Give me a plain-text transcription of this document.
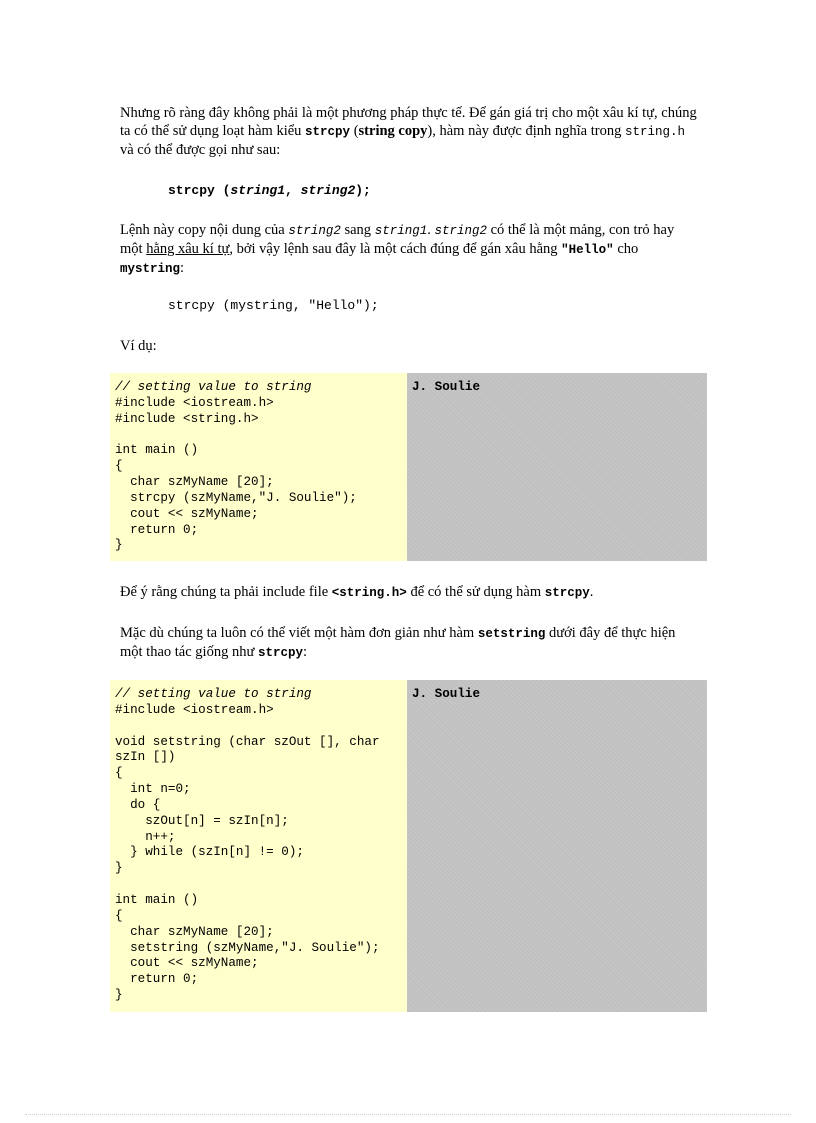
Nhưng rõ ràng đây không phải là một phương pháp thực tế. Để gán giá trị cho một xâu kí tự, chúng ta có thể sử dụng loạt hàm kiểu strcpy (string copy), hàm này được định nghĩa trong string.h và có thể được gọi như sau:
strcpy (string1, string2);
Lệnh này copy nội dung của string2 sang string1. string2 có thể là một mảng, con trỏ hay một hằng xâu kí tự, bởi vậy lệnh sau đây là một cách đúng để gán xâu hằng "Hello" cho mystring:
strcpy (mystring, "Hello");
Ví dụ:
// setting value to string
#include <iostream.h>
#include <string.h>

int main ()
{
char szMyName [20];
strcpy (szMyName,"J. Soulie");
cout << szMyName;
return 0;
}
J. Soulie
Để ý rằng chúng ta phải include file <string.h> để có thể sử dụng hàm strcpy.
Mặc dù chúng ta luôn có thể viết một hàm đơn giản như hàm setstring dưới đây để thực hiện một thao tác giống như strcpy:
// setting value to string
#include <iostream.h>

void setstring (char szOut [], char
szIn [])
{
int n=0;
do {
szOut[n] = szIn[n];
n++;
} while (szIn[n] != 0);
}

int main ()
{
char szMyName [20];
setstring (szMyName,"J. Soulie");
cout << szMyName;
return 0;
}
J. Soulie
